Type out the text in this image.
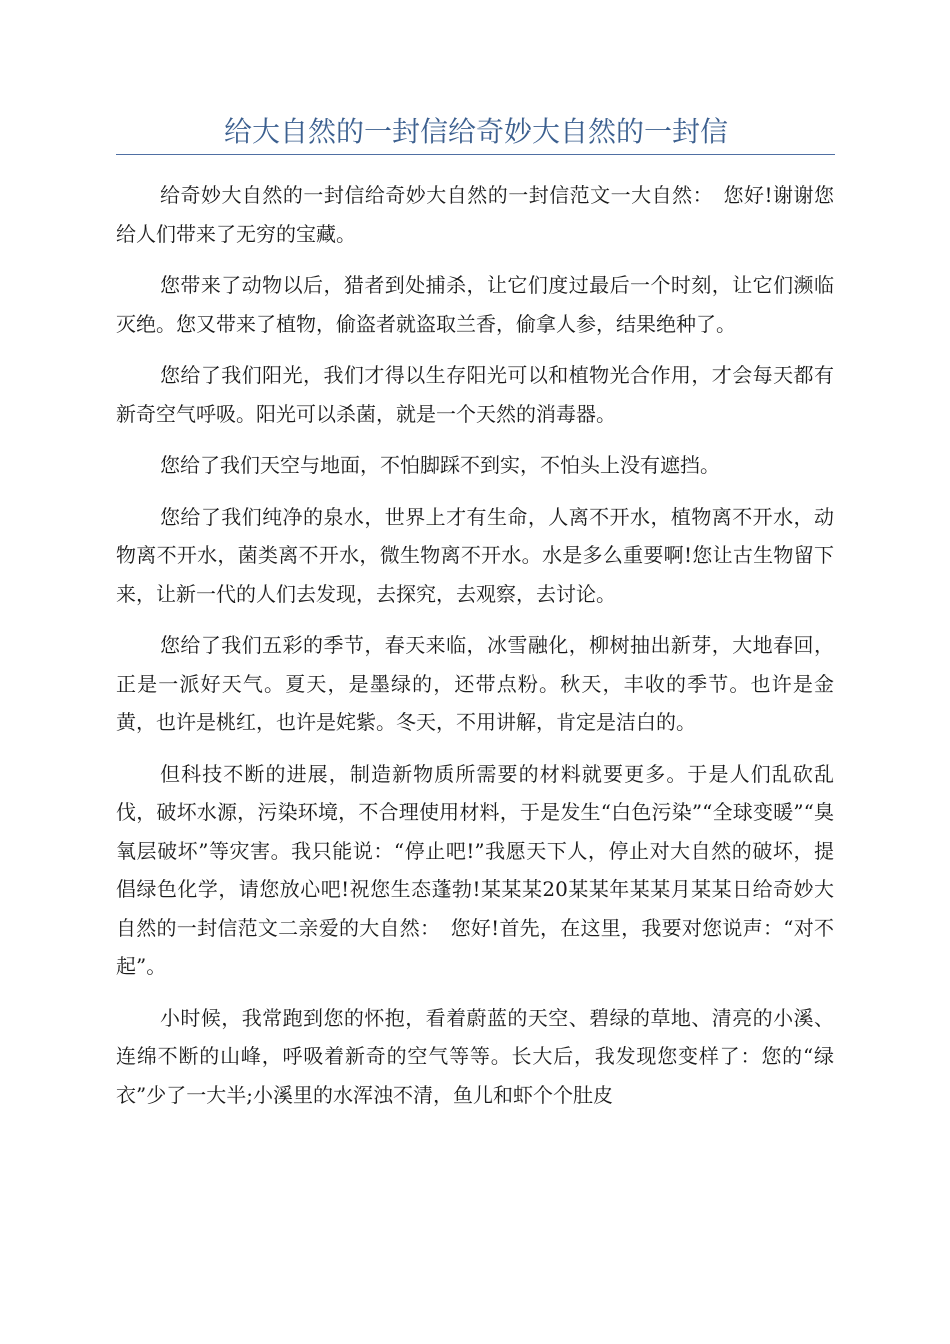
给大自然的一封信给奇妙大自然的一封信

给奇妙大自然的一封信给奇妙大自然的一封信范文一大自然：　您好!谢谢您给人们带来了无穷的宝藏。

您带来了动物以后，猎者到处捕杀，让它们度过最后一个时刻，让它们濒临灭绝。您又带来了植物，偷盗者就盗取兰香，偷拿人参，结果绝种了。

您给了我们阳光，我们才得以生存阳光可以和植物光合作用，才会每天都有新奇空气呼吸。阳光可以杀菌，就是一个天然的消毒器。

您给了我们天空与地面，不怕脚踩不到实，不怕头上没有遮挡。

您给了我们纯净的泉水，世界上才有生命，人离不开水，植物离不开水，动物离不开水，菌类离不开水，微生物离不开水。水是多么重要啊!您让古生物留下来，让新一代的人们去发现，去探究，去观察，去讨论。

您给了我们五彩的季节，春天来临，冰雪融化，柳树抽出新芽，大地春回，正是一派好天气。夏天，是墨绿的，还带点粉。秋天，丰收的季节。也许是金黄，也许是桃红，也许是姹紫。冬天，不用讲解，肯定是洁白的。

但科技不断的进展，制造新物质所需要的材料就要更多。于是人们乱砍乱伐，破坏水源，污染环境，不合理使用材料，于是发生“白色污染”“全球变暖”“臭氧层破坏”等灾害。我只能说：“停止吧!”我愿天下人，停止对大自然的破坏，提倡绿色化学，请您放心吧!祝您生态蓬勃!某某某20某某年某某月某某日给奇妙大自然的一封信范文二亲爱的大自然：　您好!首先，在这里，我要对您说声：“对不起”。

小时候，我常跑到您的怀抱，看着蔚蓝的天空、碧绿的草地、清亮的小溪、连绵不断的山峰，呼吸着新奇的空气等等。长大后，我发现您变样了：您的“绿衣”少了一大半;小溪里的水浑浊不清，鱼儿和虾个个肚皮
